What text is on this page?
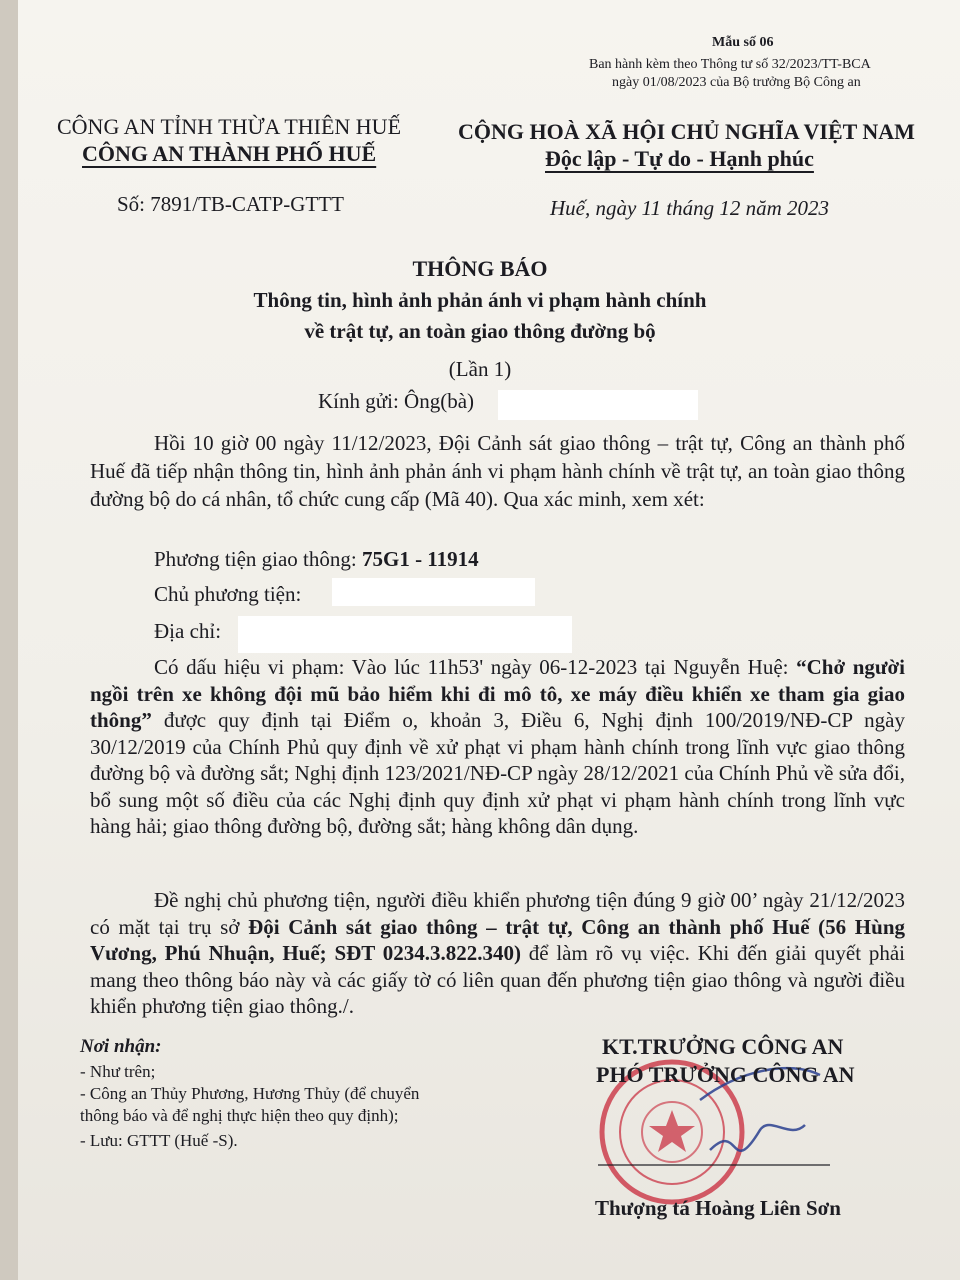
Mẫu số 06
Ban hành kèm theo Thông tư số 32/2023/TT-BCA
ngày 01/08/2023 của Bộ trưởng Bộ Công an
CÔNG AN TỈNH THỪA THIÊN HUẾ
CÔNG AN THÀNH PHỐ HUẾ
CỘNG HOÀ XÃ HỘI CHỦ NGHĨA VIỆT NAM
Độc lập - Tự do - Hạnh phúc
Số: 7891/TB-CATP-GTTT	Huế, ngày 11 tháng 12 năm 2023
THÔNG BÁO
Thông tin, hình ảnh phản ánh vi phạm hành chính
về trật tự, an toàn giao thông đường bộ
(Lần 1)
Kính gửi: Ông(bà)
Hồi 10 giờ 00 ngày 11/12/2023, Đội Cảnh sát giao thông – trật tự, Công an thành phố Huế đã tiếp nhận thông tin, hình ảnh phản ánh vi phạm hành chính về trật tự, an toàn giao thông đường bộ do cá nhân, tổ chức cung cấp (Mã 40). Qua xác minh, xem xét:
Phương tiện giao thông: 75G1 - 11914
Chủ phương tiện:
Địa chỉ:
Có dấu hiệu vi phạm: Vào lúc 11h53' ngày 06-12-2023 tại Nguyễn Huệ: “Chở người ngồi trên xe không đội mũ bảo hiểm khi đi mô tô, xe máy điều khiển xe tham gia giao thông” được quy định tại Điểm o, khoản 3, Điều 6, Nghị định 100/2019/NĐ-CP ngày 30/12/2019 của Chính Phủ quy định về xử phạt vi phạm hành chính trong lĩnh vực giao thông đường bộ và đường sắt; Nghị định 123/2021/NĐ-CP ngày 28/12/2021 của Chính Phủ về sửa đổi, bổ sung một số điều của các Nghị định quy định xử phạt vi phạm hành chính trong lĩnh vực hàng hải; giao thông đường bộ, đường sắt; hàng không dân dụng.
Đề nghị chủ phương tiện, người điều khiển phương tiện đúng 9 giờ 00’ ngày 21/12/2023 có mặt tại trụ sở Đội Cảnh sát giao thông – trật tự, Công an thành phố Huế (56 Hùng Vương, Phú Nhuận, Huế; SĐT 0234.3.822.340) để làm rõ vụ việc. Khi đến giải quyết phải mang theo thông báo này và các giấy tờ có liên quan đến phương tiện giao thông và người điều khiển phương tiện giao thông./.
Nơi nhận:
- Như trên;
- Công an Thủy Phương, Hương Thủy (để chuyển
thông báo và để nghị thực hiện theo quy định);
- Lưu: GTTT (Huế -S).
KT.TRƯỞNG CÔNG AN
PHÓ TRƯỞNG CÔNG AN
Thượng tá Hoàng Liên Sơn
